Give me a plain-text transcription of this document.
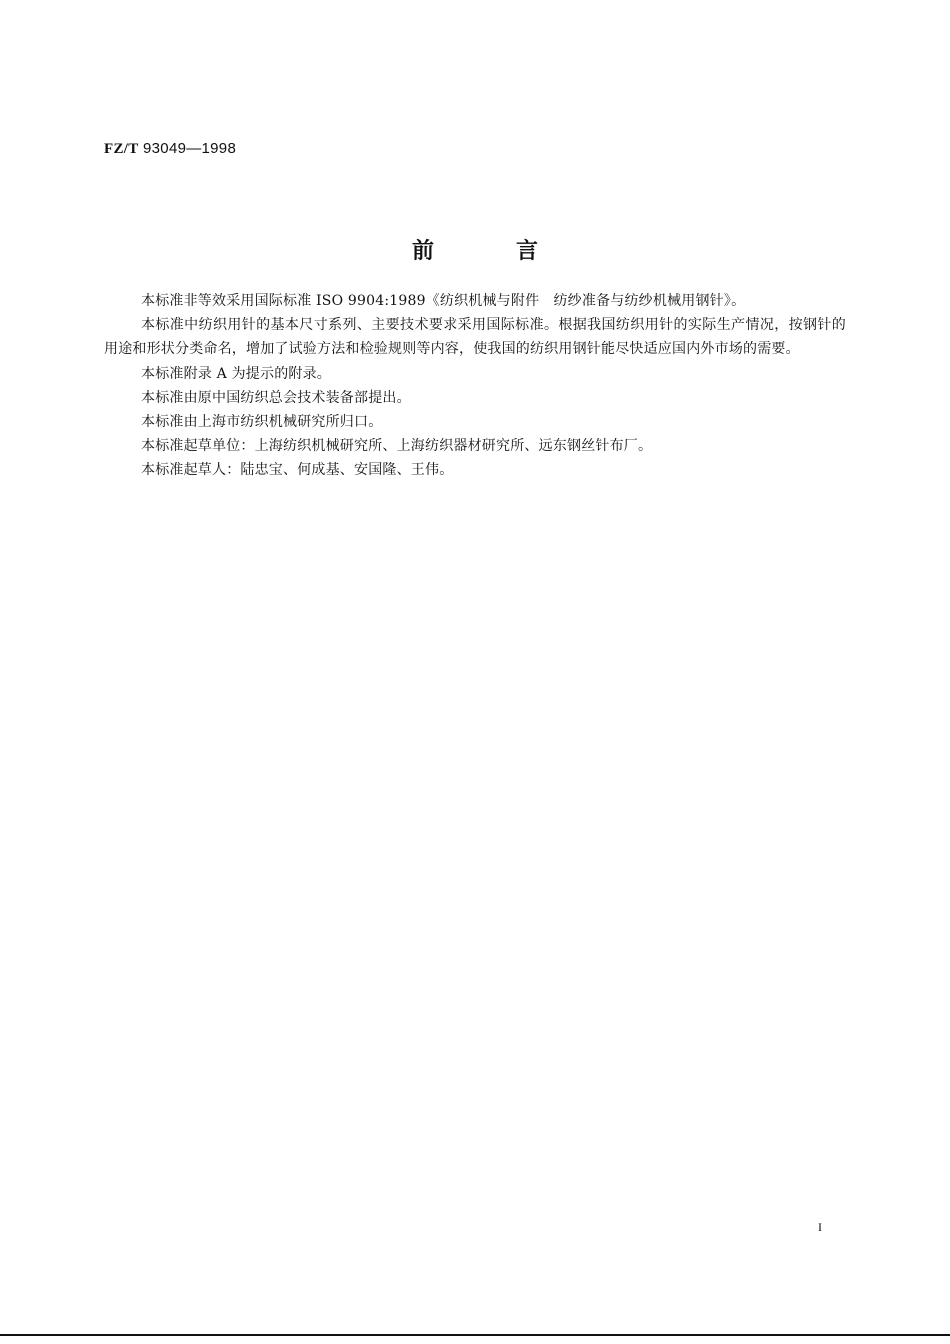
FZ/T 93049—1998
前言

本标准非等效采用国际标准 ISO 9904:1989《纺织机械与附件　纺纱准备与纺纱机械用钢针》。

本标准中纺织用针的基本尺寸系列、主要技术要求采用国际标准。根据我国纺织用针的实际生产情况，按钢针的用途和形状分类命名，增加了试验方法和检验规则等内容，使我国的纺织用钢针能尽快适应国内外市场的需要。

本标准附录 A 为提示的附录。

本标准由原中国纺织总会技术装备部提出。

本标准由上海市纺织机械研究所归口。

本标准起草单位：上海纺织机械研究所、上海纺织器材研究所、远东钢丝针布厂。

本标准起草人：陆忠宝、何成基、安国隆、王伟。

I
